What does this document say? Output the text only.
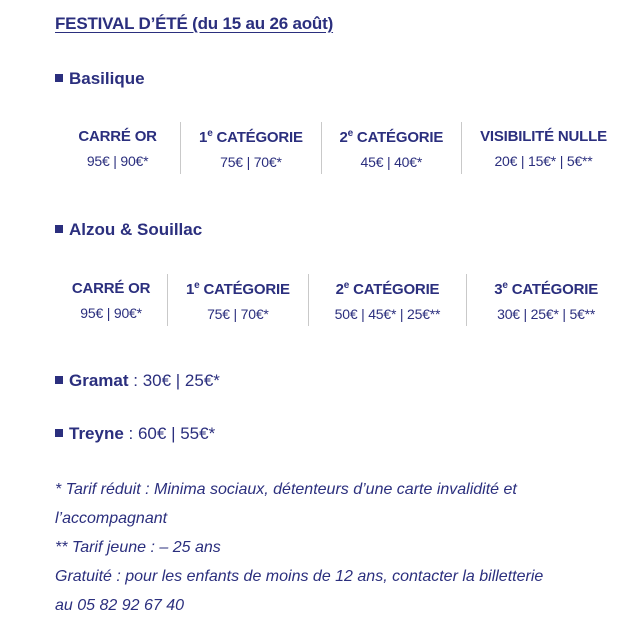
FESTIVAL D’ÉTÉ (du 15 au 26 août)
Basilique
CARRÉ OR
95€ | 90€*
1e CATÉGORIE
75€ | 70€*
2e CATÉGORIE
45€ | 40€*
VISIBILITÉ NULLE
20€ | 15€* | 5€**
Alzou & Souillac
CARRÉ OR
95€ | 90€*
1e CATÉGORIE
75€ | 70€*
2e CATÉGORIE
50€ | 45€* | 25€**
3e CATÉGORIE
30€ | 25€* | 5€**
Gramat : 30€ | 25€*
Treyne : 60€ | 55€*
* Tarif réduit : Minima sociaux, détenteurs d’une carte invalidité et
l’accompagnant
** Tarif jeune : – 25 ans
Gratuité : pour les enfants de moins de 12 ans, contacter la billetterie
au 05 82 92 67 40
